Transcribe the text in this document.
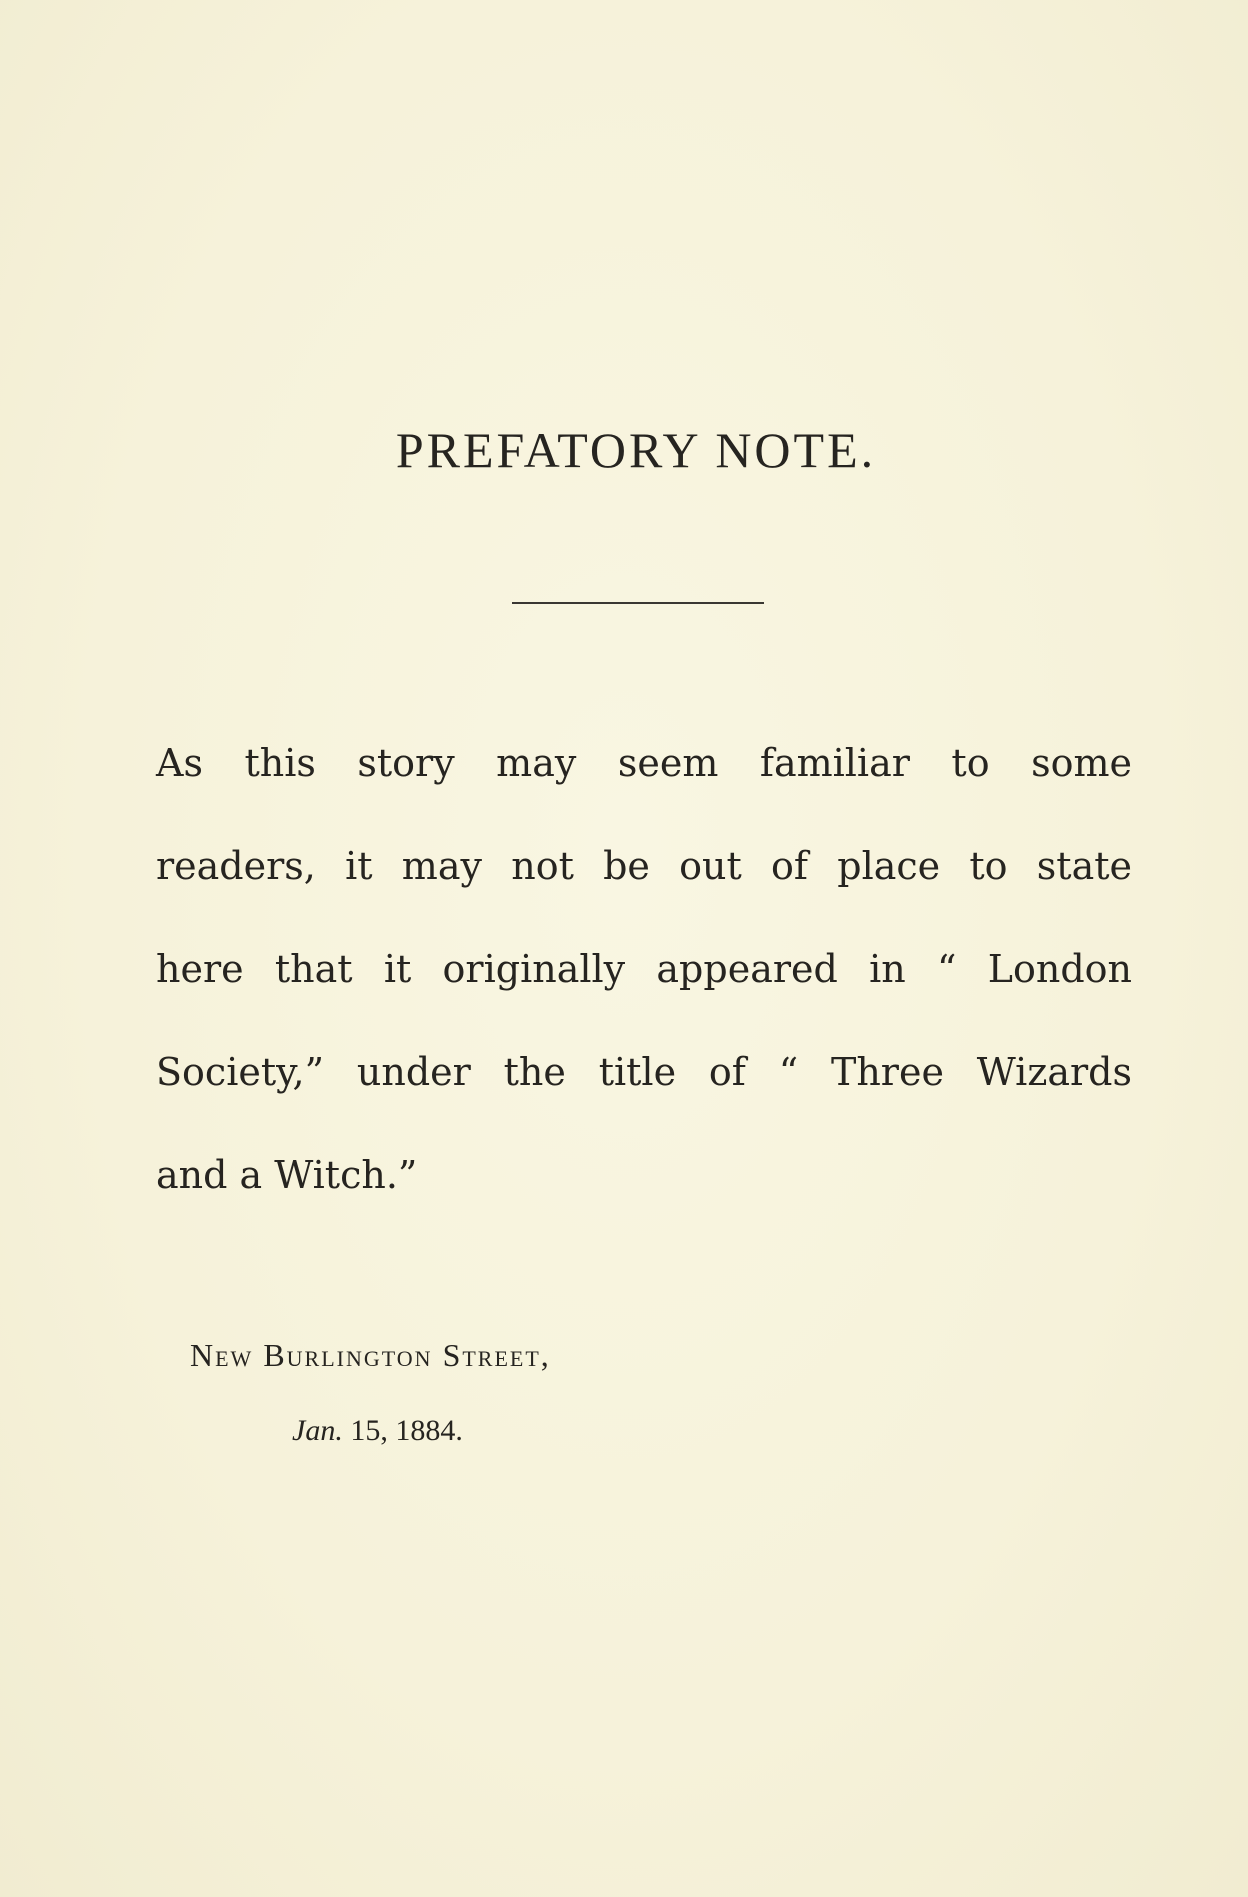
PREFATORY NOTE.

As this story may seem familiar to some
readers, it may not be out of place to state
here that it originally appeared in “ London
Society,” under the title of “ Three Wizards
and a Witch.”

New Burlington Street,

Jan. 15, 1884.
